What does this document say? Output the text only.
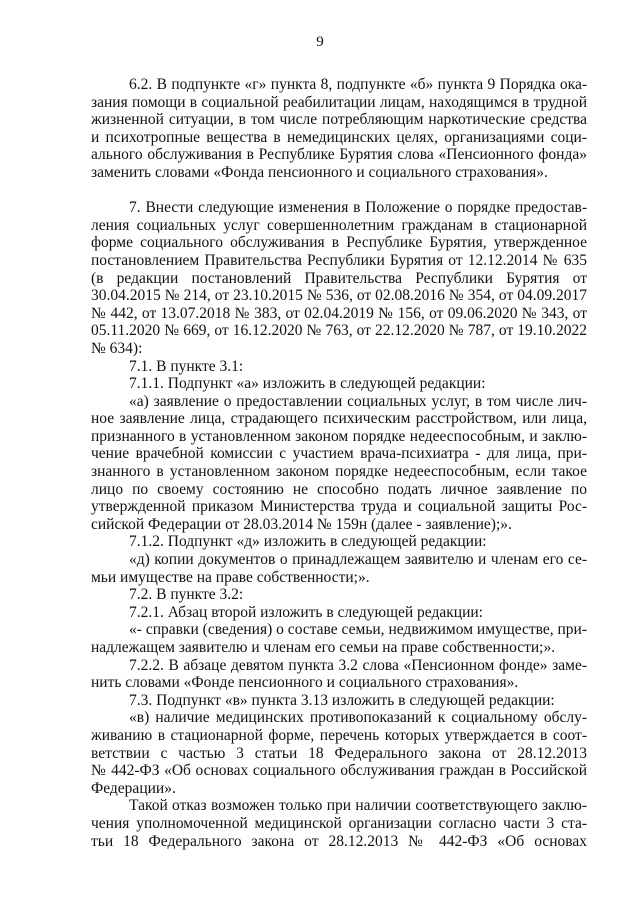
9
6.2. В подпункте «г» пункта 8, подпункте «б» пункта 9 Порядка ока-
зания помощи в социальной реабилитации лицам, находящимся в трудной
жизненной ситуации, в том числе потребляющим наркотические средства
и психотропные вещества в немедицинских целях, организациями соци-
ального обслуживания в Республике Бурятия слова «Пенсионного фонда»
заменить словами «Фонда пенсионного и социального страхования».
7. Внести следующие изменения в Положение о порядке предостав-
ления социальных услуг совершеннолетним гражданам в стационарной
форме социального обслуживания в Республике Бурятия, утвержденное
постановлением Правительства Республики Бурятия от 12.12.2014 № 635
(в редакции постановлений Правительства Республики Бурятия от
30.04.2015 № 214, от 23.10.2015 № 536, от 02.08.2016 № 354, от 04.09.2017
№ 442, от 13.07.2018 № 383, от 02.04.2019 № 156, от 09.06.2020 № 343, от
05.11.2020 № 669, от 16.12.2020 № 763, от 22.12.2020 № 787, от 19.10.2022
№ 634):
7.1. В пункте 3.1:
7.1.1. Подпункт «а» изложить в следующей редакции:
«а) заявление о предоставлении социальных услуг, в том числе лич-
ное заявление лица, страдающего психическим расстройством, или лица,
признанного в установленном законом порядке недееспособным, и заклю-
чение врачебной комиссии с участием врача-психиатра - для лица, при-
знанного в установленном законом порядке недееспособным, если такое
лицо по своему состоянию не способно подать личное заявление по
утвержденной приказом Министерства труда и социальной защиты Рос-
сийской Федерации от 28.03.2014 № 159н (далее - заявление);».
7.1.2. Подпункт «д» изложить в следующей редакции:
«д) копии документов о принадлежащем заявителю и членам его се-
мьи имуществе на праве собственности;».
7.2. В пункте 3.2:
7.2.1. Абзац второй изложить в следующей редакции:
«- справки (сведения) о составе семьи, недвижимом имуществе, при-
надлежащем заявителю и членам его семьи на праве собственности;».
7.2.2. В абзаце девятом пункта 3.2 слова «Пенсионном фонде» заме-
нить словами «Фонде пенсионного и социального страхования».
7.3. Подпункт «в» пункта 3.13 изложить в следующей редакции:
«в) наличие медицинских противопоказаний к социальному обслу-
живанию в стационарной форме, перечень которых утверждается в соот-
ветствии с частью 3 статьи 18 Федерального закона от 28.12.2013
№ 442-ФЗ «Об основах социального обслуживания граждан в Российской
Федерации».
Такой отказ возможен только при наличии соответствующего заклю-
чения уполномоченной медицинской организации согласно части 3 ста-
тьи 18 Федерального закона от 28.12.2013 № 442-ФЗ «Об основах
